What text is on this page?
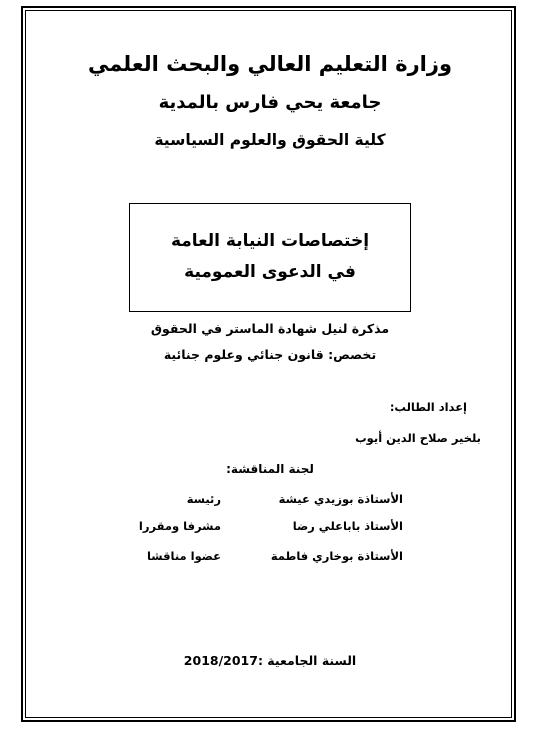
وزارة التعليم العالي والبحث العلمي
جامعة يحي فارس بالمدية
كلية الحقوق والعلوم السياسية
إختصاصات النيابة العامة
في الدعوى العمومية
مذكرة لنيل شهادة الماستر في الحقوق
تخصص: قانون جنائي وعلوم جنائية
إعداد الطالب:
بلخير صلاح الدين أيوب
لجنة المناقشة:
الأستاذة بوزيدي عيشة
رئيسة
الأستاذ باباعلي رضا
مشرفا ومقررا
الأستاذة بوخاري فاطمة
عضوا مناقشا
السنة الجامعية :2018/2017
